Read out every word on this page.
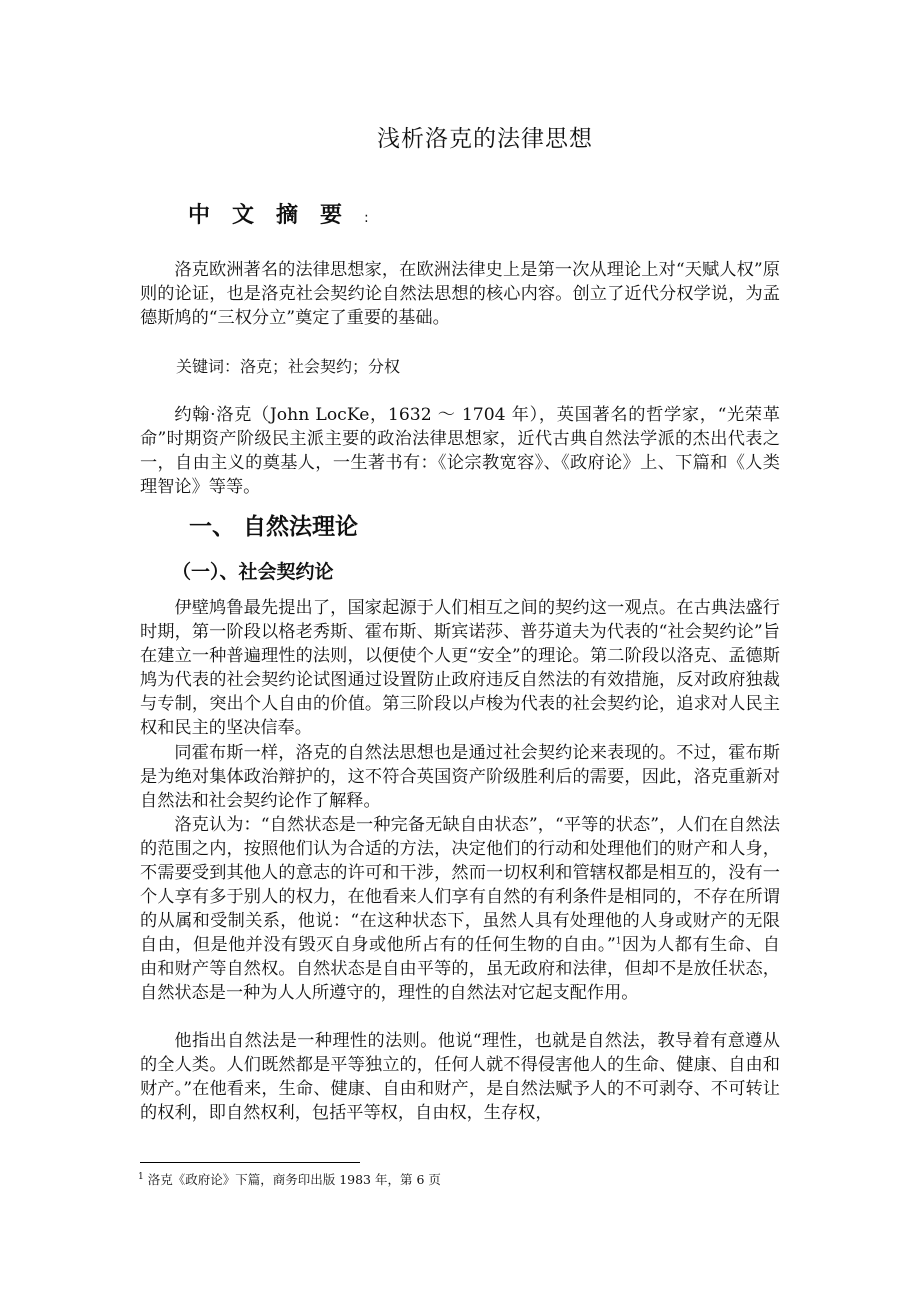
浅析洛克的法律思想
中文摘要:

洛克欧洲著名的法律思想家，在欧洲法律史上是第一次从理论上对“天赋人权”原则的论证，也是洛克社会契约论自然法思想的核心内容。创立了近代分权学说，为孟德斯鸠的“三权分立”奠定了重要的基础。

关键词：洛克；社会契约；分权

约翰·洛克（John LocKe，1632 ～ 1704 年），英国著名的哲学家，“光荣革命”时期资产阶级民主派主要的政治法律思想家，近代古典自然法学派的杰出代表之一，自由主义的奠基人，一生著书有：《论宗教宽容》、《政府论》上、下篇和《人类理智论》等等。

一、 自然法理论
（一）、社会契约论

伊壁鸠鲁最先提出了，国家起源于人们相互之间的契约这一观点。在古典法盛行时期，第一阶段以格老秀斯、霍布斯、斯宾诺莎、普芬道夫为代表的“社会契约论”旨在建立一种普遍理性的法则，以便使个人更“安全”的理论。第二阶段以洛克、孟德斯鸠为代表的社会契约论试图通过设置防止政府违反自然法的有效措施，反对政府独裁与专制，突出个人自由的价值。第三阶段以卢梭为代表的社会契约论，追求对人民主权和民主的坚决信奉。

同霍布斯一样，洛克的自然法思想也是通过社会契约论来表现的。不过，霍布斯是为绝对集体政治辩护的，这不符合英国资产阶级胜利后的需要，因此，洛克重新对自然法和社会契约论作了解释。

洛克认为：“自然状态是一种完备无缺自由状态”，“平等的状态”，人们在自然法的范围之内，按照他们认为合适的方法，决定他们的行动和处理他们的财产和人身，不需要受到其他人的意志的许可和干涉，然而一切权利和管辖权都是相互的，没有一个人享有多于别人的权力，在他看来人们享有自然的有利条件是相同的，不存在所谓的从属和受制关系，他说：“在这种状态下，虽然人具有处理他的人身或财产的无限自由，但是他并没有毁灭自身或他所占有的任何生物的自由。”$^1$因为人都有生命、自由和财产等自然权。自然状态是自由平等的，虽无政府和法律，但却不是放任状态，自然状态是一种为人人所遵守的，理性的自然法对它起支配作用。

他指出自然法是一种理性的法则。他说“理性，也就是自然法，教导着有意遵从的全人类。人们既然都是平等独立的，任何人就不得侵害他人的生命、健康、自由和财产。”在他看来，生命、健康、自由和财产，是自然法赋予人的不可剥夺、不可转让的权利，即自然权利，包括平等权，自由权，生存权，

$^1$ 洛克《政府论》下篇，商务印出版 1983 年，第 6 页
